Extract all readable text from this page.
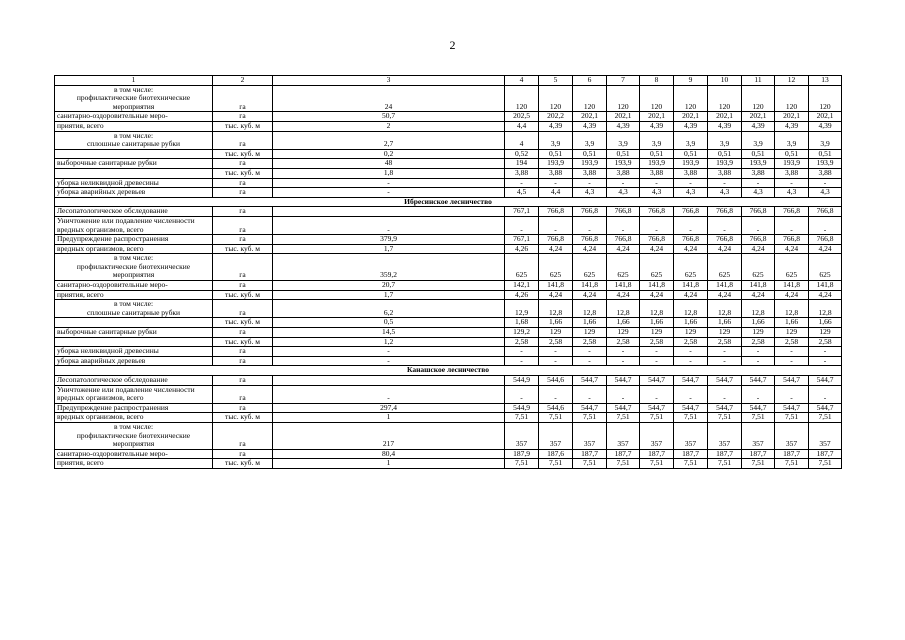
2
1	2	3	4	5	6	7	8	9	10	11	12	13
в том числе:
профилактические биотехнические мероприятия	га	24	120	120	120	120	120	120	120	120	120	120
санитарно-оздоровительные меро-	га	50,7	202,5	202,2	202,1	202,1	202,1	202,1	202,1	202,1	202,1	202,1
приятия, всего	тыс. куб. м	2	4,4	4,39	4,39	4,39	4,39	4,39	4,39	4,39	4,39	4,39
в том числе:
сплошные санитарные рубки	га	2,7	4	3,9	3,9	3,9	3,9	3,9	3,9	3,9	3,9	3,9
	тыс. куб. м	0,2	0,52	0,51	0,51	0,51	0,51	0,51	0,51	0,51	0,51	0,51
выборочные санитарные рубки	га	48	194	193,9	193,9	193,9	193,9	193,9	193,9	193,9	193,9	193,9
	тыс. куб. м	1,8	3,88	3,88	3,88	3,88	3,88	3,88	3,88	3,88	3,88	3,88
уборка неликвидной древесины	га	-	-	-	-	-	-	-	-	-	-	-
уборка аварийных деревьев	га	-	4,5	4,4	4,3	4,3	4,3	4,3	4,3	4,3	4,3	4,3
Ибресинское лесничество												
Лесопатологическое обследование	га		767,1	766,8	766,8	766,8	766,8	766,8	766,8	766,8	766,8	766,8
Уничтожение или подавление численности вредных организмов, всего	га	-	-	-	-	-	-	-	-	-	-	-
Предупреждение распространения	га	379,9	767,1	766,8	766,8	766,8	766,8	766,8	766,8	766,8	766,8	766,8
вредных организмов, всего	тыс. куб. м	1,7	4,26	4,24	4,24	4,24	4,24	4,24	4,24	4,24	4,24	4,24
в том числе:
профилактические биотехнические мероприятия	га	359,2	625	625	625	625	625	625	625	625	625	625
санитарно-оздоровительные меро-	га	20,7	142,1	141,8	141,8	141,8	141,8	141,8	141,8	141,8	141,8	141,8
приятия, всего	тыс. куб. м	1,7	4,26	4,24	4,24	4,24	4,24	4,24	4,24	4,24	4,24	4,24
в том числе:
сплошные санитарные рубки	га	6,2	12,9	12,8	12,8	12,8	12,8	12,8	12,8	12,8	12,8	12,8
	тыс. куб. м	0,5	1,68	1,66	1,66	1,66	1,66	1,66	1,66	1,66	1,66	1,66
выборочные санитарные рубки	га	14,5	129,2	129	129	129	129	129	129	129	129	129
	тыс. куб. м	1,2	2,58	2,58	2,58	2,58	2,58	2,58	2,58	2,58	2,58	2,58
уборка неликвидной древесины	га	-	-	-	-	-	-	-	-	-	-	-
уборка аварийных деревьев	га	-	-	-	-	-	-	-	-	-	-	-
Канашское лесничество												
Лесопатологическое обследование	га		544,9	544,6	544,7	544,7	544,7	544,7	544,7	544,7	544,7	544,7
Уничтожение или подавление численности вредных организмов, всего	га	-	-	-	-	-	-	-	-	-	-	-
Предупреждение распространения	га	297,4	544,9	544,6	544,7	544,7	544,7	544,7	544,7	544,7	544,7	544,7
вредных организмов, всего	тыс. куб. м	1	7,51	7,51	7,51	7,51	7,51	7,51	7,51	7,51	7,51	7,51
в том числе:
профилактические биотехнические мероприятия	га	217	357	357	357	357	357	357	357	357	357	357
санитарно-оздоровительные меро-	га	80,4	187,9	187,6	187,7	187,7	187,7	187,7	187,7	187,7	187,7	187,7
приятия, всего	тыс. куб. м	1	7,51	7,51	7,51	7,51	7,51	7,51	7,51	7,51	7,51	7,51
